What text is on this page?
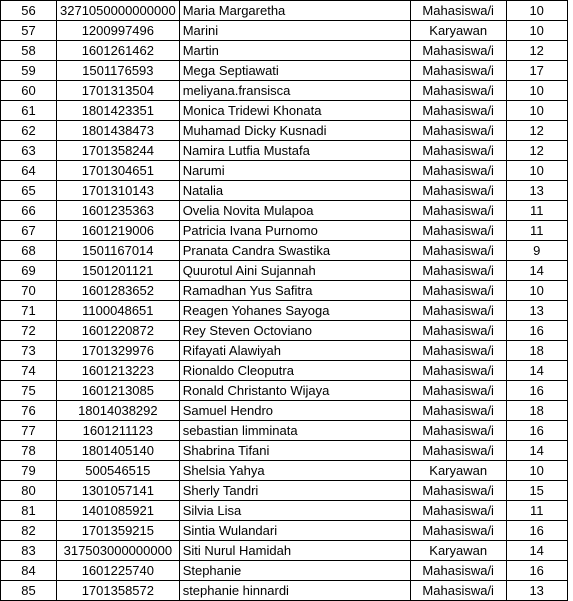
56	3271050000000000	Maria Margaretha	Mahasiswa/i	10
57	1200997496	Marini	Karyawan	10
58	1601261462	Martin	Mahasiswa/i	12
59	1501176593	Mega Septiawati	Mahasiswa/i	17
60	1701313504	meliyana.fransisca	Mahasiswa/i	10
61	1801423351	Monica Tridewi Khonata	Mahasiswa/i	10
62	1801438473	Muhamad Dicky Kusnadi	Mahasiswa/i	12
63	1701358244	Namira Lutfia Mustafa	Mahasiswa/i	12
64	1701304651	Narumi	Mahasiswa/i	10
65	1701310143	Natalia	Mahasiswa/i	13
66	1601235363	Ovelia Novita Mulapoa	Mahasiswa/i	11
67	1601219006	Patricia Ivana Purnomo	Mahasiswa/i	11
68	1501167014	Pranata Candra Swastika	Mahasiswa/i	9
69	1501201121	Quurotul Aini Sujannah	Mahasiswa/i	14
70	1601283652	Ramadhan Yus Safitra	Mahasiswa/i	10
71	1100048651	Reagen Yohanes Sayoga	Mahasiswa/i	13
72	1601220872	Rey Steven Octoviano	Mahasiswa/i	16
73	1701329976	Rifayati Alawiyah	Mahasiswa/i	18
74	1601213223	Rionaldo Cleoputra	Mahasiswa/i	14
75	1601213085	Ronald Christanto Wijaya	Mahasiswa/i	16
76	18014038292	Samuel Hendro	Mahasiswa/i	18
77	1601211123	sebastian limminata	Mahasiswa/i	16
78	1801405140	Shabrina Tifani	Mahasiswa/i	14
79	500546515	Shelsia Yahya	Karyawan	10
80	1301057141	Sherly Tandri	Mahasiswa/i	15
81	1401085921	Silvia Lisa	Mahasiswa/i	11
82	1701359215	Sintia Wulandari	Mahasiswa/i	16
83	317503000000000	Siti Nurul Hamidah	Karyawan	14
84	1601225740	Stephanie	Mahasiswa/i	16
85	1701358572	stephanie hinnardi	Mahasiswa/i	13
